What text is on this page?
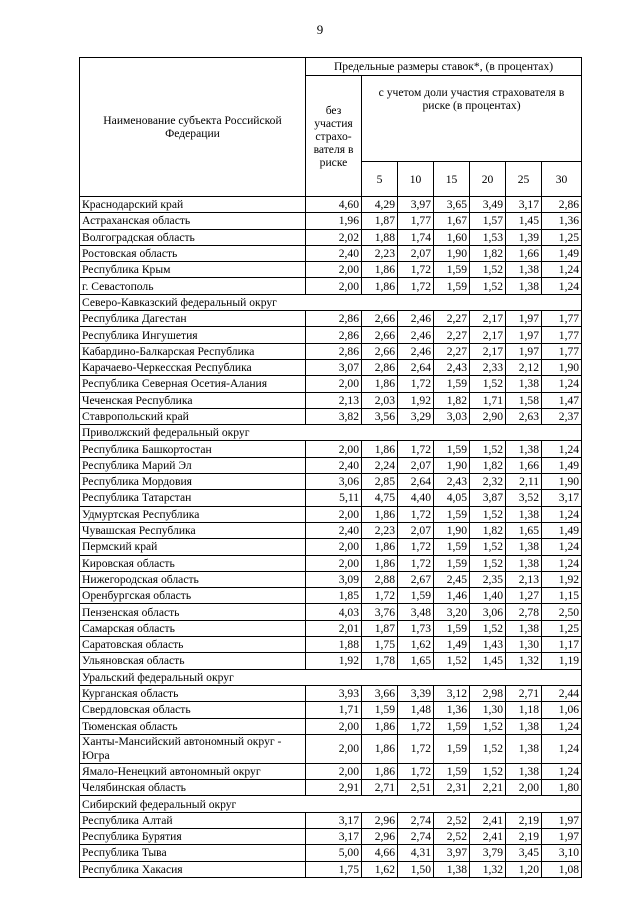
9
Наименование субъекта Российской Федерации	Предельные размеры ставок*, (в процентах)						
	без участия страхо-вателя в риске	с учетом доли участия страхователя в риске (в процентах)					
		5	10	15	20	25	30
Краснодарский край	4,60	4,29	3,97	3,65	3,49	3,17	2,86
Астраханская область	1,96	1,87	1,77	1,67	1,57	1,45	1,36
Волгоградская область	2,02	1,88	1,74	1,60	1,53	1,39	1,25
Ростовская область	2,40	2,23	2,07	1,90	1,82	1,66	1,49
Республика Крым	2,00	1,86	1,72	1,59	1,52	1,38	1,24
г. Севастополь	2,00	1,86	1,72	1,59	1,52	1,38	1,24
Северо-Кавказский федеральный округ							
Республика Дагестан	2,86	2,66	2,46	2,27	2,17	1,97	1,77
Республика Ингушетия	2,86	2,66	2,46	2,27	2,17	1,97	1,77
Кабардино-Балкарская Республика	2,86	2,66	2,46	2,27	2,17	1,97	1,77
Карачаево-Черкесская Республика	3,07	2,86	2,64	2,43	2,33	2,12	1,90
Республика Северная Осетия-Алания	2,00	1,86	1,72	1,59	1,52	1,38	1,24
Чеченская Республика	2,13	2,03	1,92	1,82	1,71	1,58	1,47
Ставропольский край	3,82	3,56	3,29	3,03	2,90	2,63	2,37
Приволжский федеральный округ							
Республика Башкортостан	2,00	1,86	1,72	1,59	1,52	1,38	1,24
Республика Марий Эл	2,40	2,24	2,07	1,90	1,82	1,66	1,49
Республика Мордовия	3,06	2,85	2,64	2,43	2,32	2,11	1,90
Республика Татарстан	5,11	4,75	4,40	4,05	3,87	3,52	3,17
Удмуртская Республика	2,00	1,86	1,72	1,59	1,52	1,38	1,24
Чувашская Республика	2,40	2,23	2,07	1,90	1,82	1,65	1,49
Пермский край	2,00	1,86	1,72	1,59	1,52	1,38	1,24
Кировская область	2,00	1,86	1,72	1,59	1,52	1,38	1,24
Нижегородская область	3,09	2,88	2,67	2,45	2,35	2,13	1,92
Оренбургская область	1,85	1,72	1,59	1,46	1,40	1,27	1,15
Пензенская область	4,03	3,76	3,48	3,20	3,06	2,78	2,50
Самарская область	2,01	1,87	1,73	1,59	1,52	1,38	1,25
Саратовская область	1,88	1,75	1,62	1,49	1,43	1,30	1,17
Ульяновская область	1,92	1,78	1,65	1,52	1,45	1,32	1,19
Уральский федеральный округ							
Курганская область	3,93	3,66	3,39	3,12	2,98	2,71	2,44
Свердловская область	1,71	1,59	1,48	1,36	1,30	1,18	1,06
Тюменская область	2,00	1,86	1,72	1,59	1,52	1,38	1,24
Ханты-Мансийский автономный округ - Югра	2,00	1,86	1,72	1,59	1,52	1,38	1,24
Ямало-Ненецкий автономный округ	2,00	1,86	1,72	1,59	1,52	1,38	1,24
Челябинская область	2,91	2,71	2,51	2,31	2,21	2,00	1,80
Сибирский федеральный округ							
Республика Алтай	3,17	2,96	2,74	2,52	2,41	2,19	1,97
Республика Бурятия	3,17	2,96	2,74	2,52	2,41	2,19	1,97
Республика Тыва	5,00	4,66	4,31	3,97	3,79	3,45	3,10
Республика Хакасия	1,75	1,62	1,50	1,38	1,32	1,20	1,08
